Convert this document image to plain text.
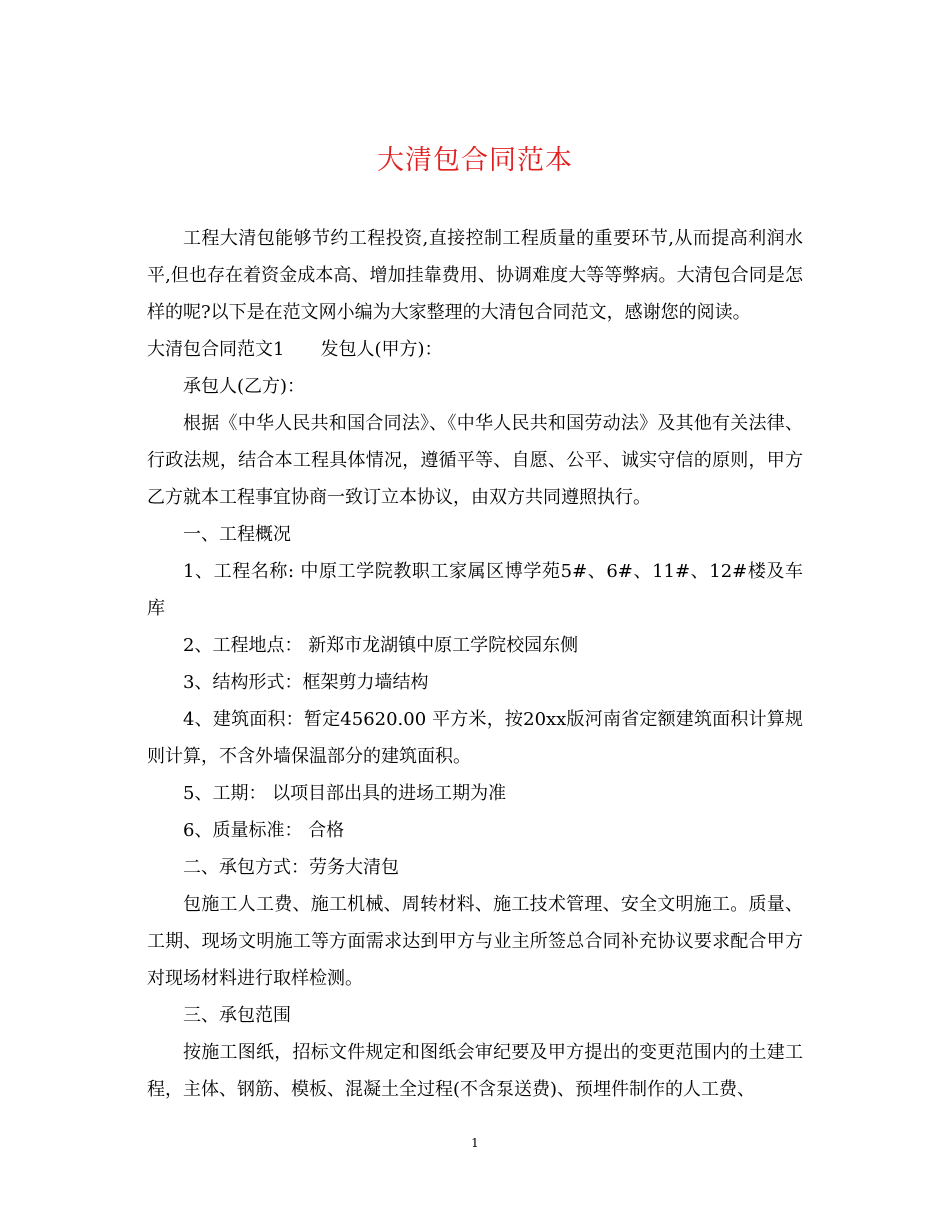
大清包合同范本

工程大清包能够节约工程投资,直接控制工程质量的重要环节,从而提高利润水平,但也存在着资金成本高、增加挂靠费用、协调难度大等等弊病。大清包合同是怎样的呢?以下是在范文网小编为大家整理的大清包合同范文，感谢您的阅读。

大清包合同范文1 发包人(甲方)：

承包人(乙方)：

根据《中华人民共和国合同法》、《中华人民共和国劳动法》及其他有关法律、行政法规，结合本工程具体情况，遵循平等、自愿、公平、诚实守信的原则，甲方乙方就本工程事宜协商一致订立本协议，由双方共同遵照执行。

一、工程概况

1、工程名称: 中原工学院教职工家属区博学苑5#、6#、11#、12#楼及车库

2、工程地点： 新郑市龙湖镇中原工学院校园东侧

3、结构形式：框架剪力墙结构

4、建筑面积：暂定45620.00 平方米，按20xx版河南省定额建筑面积计算规则计算，不含外墙保温部分的建筑面积。

5、工期： 以项目部出具的进场工期为准

6、质量标准： 合格

二、承包方式：劳务大清包

包施工人工费、施工机械、周转材料、施工技术管理、安全文明施工。质量、工期、现场文明施工等方面需求达到甲方与业主所签总合同补充协议要求配合甲方对现场材料进行取样检测。

三、承包范围

按施工图纸，招标文件规定和图纸会审纪要及甲方提出的变更范围内的土建工程，主体、钢筋、模板、混凝土全过程(不含泵送费)、预埋件制作的人工费、

1
